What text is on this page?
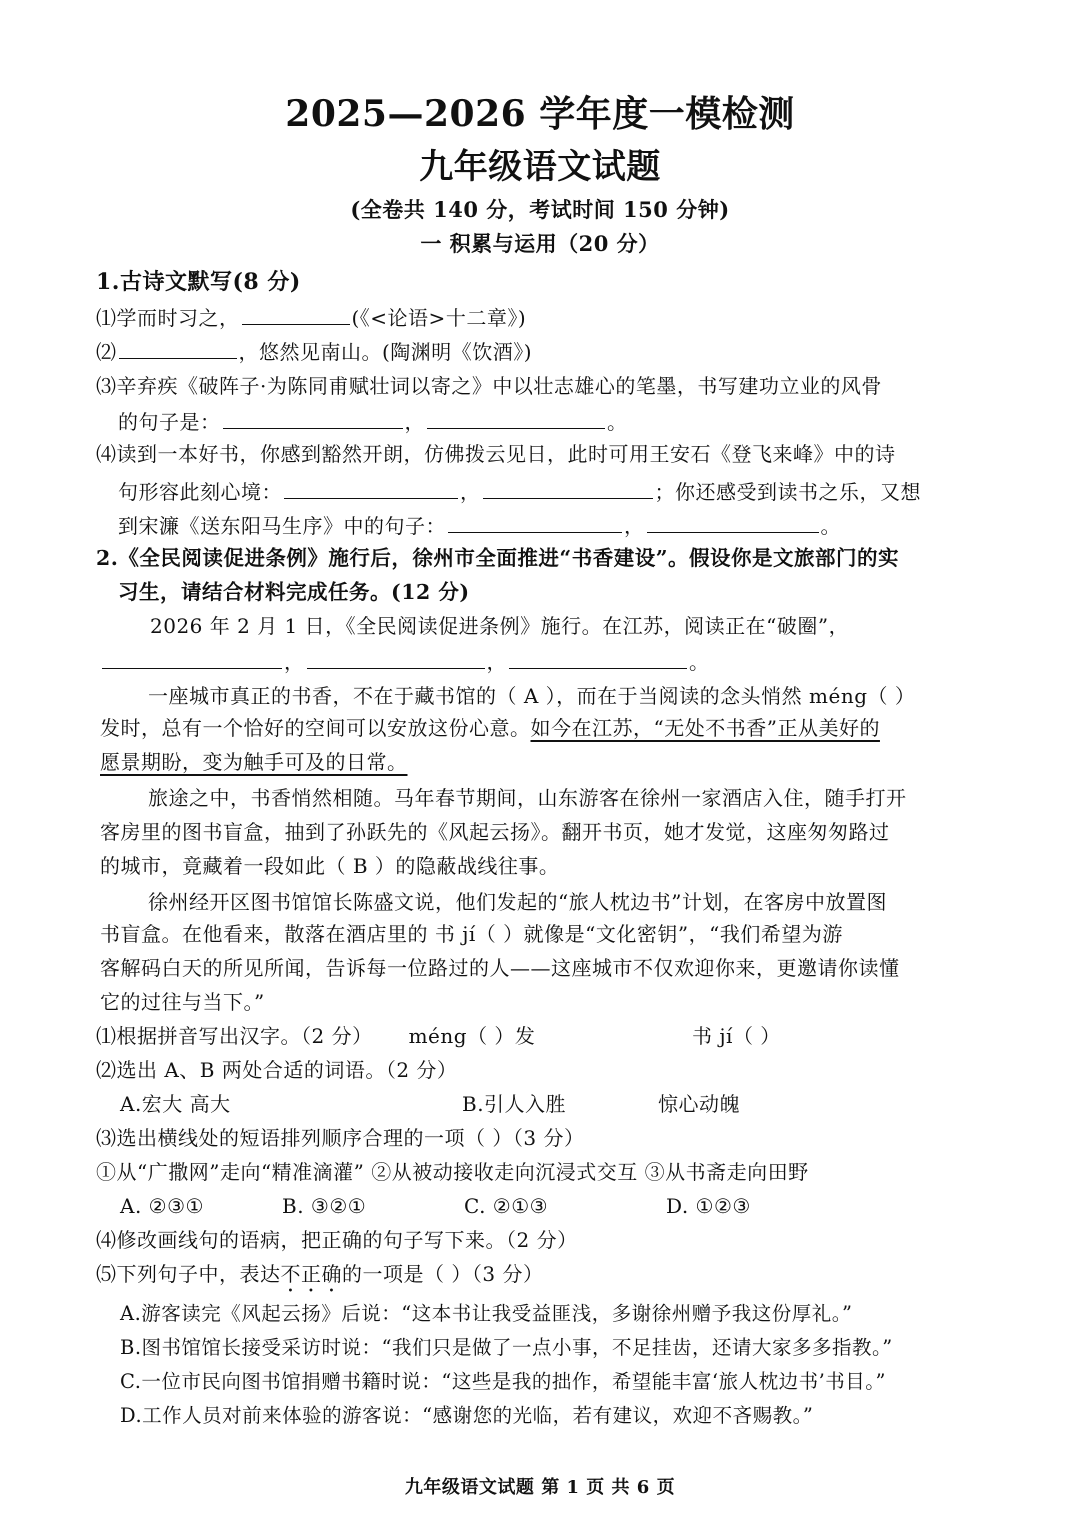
2025—2026 学年度一模检测
九年级语文试题
(全卷共 140 分，考试时间 150 分钟)
一 积累与运用（20 分）
1.古诗文默写(8 分)
⑴学而时习之，	(《<论语>十二章》)
⑵	，悠然见南山。(陶渊明《饮酒》)
⑶辛弃疾《破阵子·为陈同甫赋壮词以寄之》中以壮志雄心的笔墨，书写建功立业的风骨
的句子是：	，	。
⑷读到一本好书，你感到豁然开朗，仿佛拨云见日，此时可用王安石《登飞来峰》中的诗
句形容此刻心境：	，	；你还感受到读书之乐，又想
到宋濂《送东阳马生序》中的句子：	，	。
2.《全民阅读促进条例》施行后，徐州市全面推进“书香建设”。假设你是文旅部门的实
习生，请结合材料完成任务。(12 分)
2026 年 2 月 1 日，《全民阅读促进条例》施行。在江苏，阅读正在“破圈”，
，	，	。
一座城市真正的书香，不在于藏书馆的（ A ），而在于当阅读的念头悄然 méng（ ）
发时，总有一个恰好的空间可以安放这份心意。如今在江苏，“无处不书香”正从美好的
愿景期盼，变为触手可及的日常。
旅途之中，书香悄然相随。马年春节期间，山东游客在徐州一家酒店入住，随手打开
客房里的图书盲盒，抽到了孙跃先的《风起云扬》。翻开书页，她才发觉，这座匆匆路过
的城市，竟藏着一段如此（ B ）的隐蔽战线往事。
徐州经开区图书馆馆长陈盛文说，他们发起的“旅人枕边书”计划，在客房中放置图
书盲盒。在他看来，散落在酒店里的 书 jí（ ）就像是“文化密钥”，“我们希望为游
客解码白天的所见所闻，告诉每一位路过的人——这座城市不仅欢迎你来，更邀请你读懂
它的过往与当下。”
⑴根据拼音写出汉字。（2 分） méng（ ）发	书 jí（ ）
⑵选出 A、B 两处合适的词语。（2 分）
A.宏大 高大	B.引人入胜	惊心动魄
⑶选出横线处的短语排列顺序合理的一项（ ）（3 分）
①从“广撒网”走向“精准滴灌” ②从被动接收走向沉浸式交互 ③从书斋走向田野
A. ②③①	B. ③②①	C. ②①③	D. ①②③
⑷修改画线句的语病，把正确的句子写下来。（2 分）
⑸下列句子中，表达不正确的一项是（ ）（3 分）
A.游客读完《风起云扬》后说：“这本书让我受益匪浅，多谢徐州赠予我这份厚礼。”
B.图书馆馆长接受采访时说：“我们只是做了一点小事，不足挂齿，还请大家多多指教。”
C.一位市民向图书馆捐赠书籍时说：“这些是我的拙作，希望能丰富‘旅人枕边书’书目。”
D.工作人员对前来体验的游客说：“感谢您的光临，若有建议，欢迎不吝赐教。”
九年级语文试题 第 1 页 共 6 页
